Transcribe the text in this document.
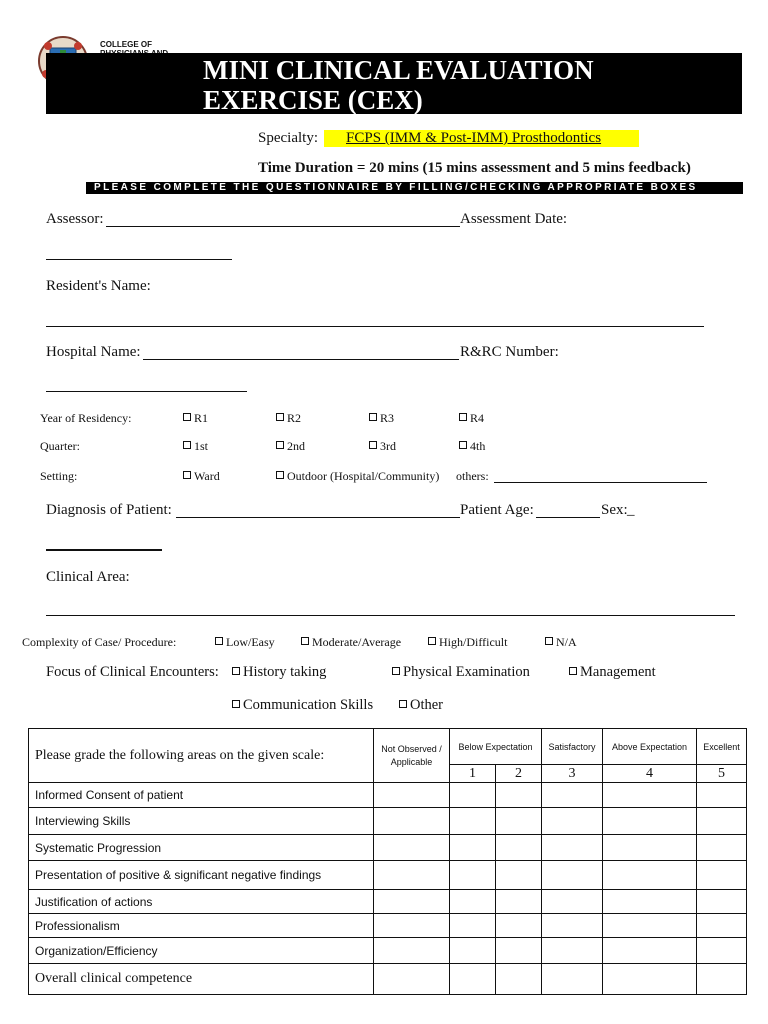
COLLEGE OF
MINI CLINICAL EVALUATION
EXERCISE (CEX)
Specialty:	FCPS (IMM & Post-IMM) Prosthodontics
Time Duration = 20 mins (15 mins assessment and 5 mins feedback)
PLEASE COMPLETE THE QUESTIONNAIRE BY FILLING/CHECKING APPROPRIATE BOXES
Assessor:	Assessment Date:
Resident's Name:
Hospital Name:	R&RC Number:
Year of Residency:	R1	R2	R3	R4
Quarter:	1st	2nd	3rd	4th
Setting:	Ward	Outdoor (Hospital/Community) others:
Diagnosis of Patient:	Patient Age:	Sex: _
Clinical Area:
Complexity of Case/ Procedure:	Low/Easy	Moderate/Average	High/Difficult	N/A
Focus of Clinical Encounters:	History taking	Physical Examination	Management
Communication Skills	Other
Please grade the following areas on the given scale:	Not Observed / Applicable	Below Expectation		Satisfactory	Above Expectation	Excellent
		1	2	3	4	5
Informed Consent of patient						
Interviewing Skills						
Systematic Progression						
Presentation of positive & significant negative findings						
Justification of actions						
Professionalism						
Organization/Efficiency						
Overall clinical competence						
